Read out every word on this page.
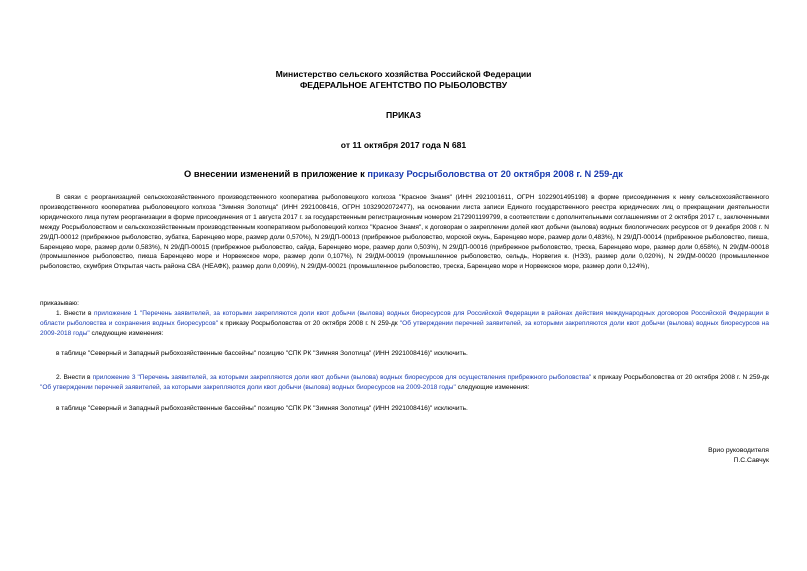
Министерство сельского хозяйства Российской Федерации
ФЕДЕРАЛЬНОЕ АГЕНТСТВО ПО РЫБОЛОВСТВУ
ПРИКАЗ
от 11 октября 2017 года N 681
О внесении изменений в приложение к приказу Росрыболовства от 20 октября 2008 г. N 259-дк

В связи с реорганизацией сельскохозяйственного производственного кооператива рыболовецкого колхоза "Красное Знамя" (ИНН 2921001611, ОГРН 1022901495198) в форме присоединения к нему сельскохозяйственного производственного кооператива рыболовецкого колхоза "Зимняя Золотица" (ИНН 2921008416, ОГРН 1032902072477), на основании листа записи Единого государственного реестра юридических лиц о прекращении деятельности юридического лица путем реорганизации в форме присоединения от 1 августа 2017 г. за государственным регистрационным номером 2172901199799, в соответствии с дополнительными соглашениями от 2 октября 2017 г., заключенными между Росрыболовством и сельскохозяйственным производственным кооперативом рыболовецкий колхоз "Красное Знамя", к договорам о закреплении долей квот добычи (вылова) водных биологических ресурсов от 9 декабря 2008 г. N 29/ДП-00012 (прибрежное рыболовство, зубатка, Баренцево море, размер доли 0,570%), N 29/ДП-00013 (прибрежное рыболовство, морской окунь, Баренцево море, размер доли 0,483%), N 29/ДП-00014 (прибрежное рыболовство, пикша, Баренцево море, размер доли 0,583%), N 29/ДП-00015 (прибрежное рыболовство, сайда, Баренцево море, размер доли 0,503%), N 29/ДП-00016 (прибрежное рыболовство, треска, Баренцево море, размер доли 0,658%), N 29/ДМ-00018 (промышленное рыболовство, пикша Баренцево море и Норвежское море, размер доли 0,107%), N 29/ДМ-00019 (промышленное рыболовство, сельдь, Норвегия к. (НЭЗ), размер доли 0,020%), N 29/ДМ-00020 (промышленное рыболовство, скумбрия Открытая часть района СВА (НЕАФК), размер доли 0,009%), N 29/ДМ-00021 (промышленное рыболовство, треска, Баренцево море и Норвежское море, размер доли 0,124%),

приказываю:

1. Внести в приложение 1 "Перечень заявителей, за которыми закрепляются доли квот добычи (вылова) водных биоресурсов для Российской Федерации в районах действия международных договоров Российской Федерации в области рыболовства и сохранения водных биоресурсов" к приказу Росрыболовства от 20 октября 2008 г. N 259-дк "Об утверждении перечней заявителей, за которыми закрепляются доли квот добычи (вылова) водных биоресурсов на 2009-2018 годы" следующие изменения:

в таблице "Северный и Западный рыбохозяйственные бассейны" позицию "СПК РК "Зимняя Золотица" (ИНН 2921008416)" исключить.

2. Внести в приложение 3 "Перечень заявителей, за которыми закрепляются доли квот добычи (вылова) водных биоресурсов для осуществления прибрежного рыболовства" к приказу Росрыболовства от 20 октября 2008 г. N 259-дк "Об утверждении перечней заявителей, за которыми закрепляются доли квот добычи (вылова) водных биоресурсов на 2009-2018 годы" следующие изменения:

в таблице "Северный и Западный рыбохозяйственные бассейны" позицию "СПК РК "Зимняя Золотица" (ИНН 2921008416)" исключить.

Врио руководителя
П.С.Савчук
